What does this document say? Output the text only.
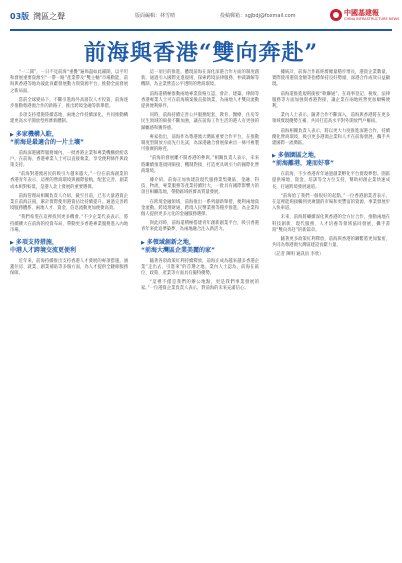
03版 灣區之聲	版面編輯：林雪晴	投稿郵箱：sgjbdj@foxmail.com	中國基建報
CHINA INFRASTRUCTURE NEWS
前海與香港“雙向奔赴”

“一二開”，一日不見前海“重疊”遍佈盡如此鋪開，以平坦和發展重要資源至“一帶一路”產業帶及“雙主軸”市場動能，前海與香港等地為彼此貢獻發展動力與資源平台，推動全面發展之新局面。

當前全球變局下，不斷引進海外高層次人才投資，前海逐步推動粵港澳合作的新路子，推出跨境金融等新舉措。

多項支持措施陸續落地，兩地合作持續深化，共同推動構建更高水平開放型經濟新體制。

▶ 多家機構入駐，
“前海是最適合的一片土壤”

前海深港國際服務城內，一批香港企業和專業機構紛紛落戶。在前海，香港專業人士可以直接執業，享受便利條件與政策支持。

“前海對港澳居民的吸引力越來越大。”一位在前海創業的香港青年表示，這裡的營商環境與國際接軌，配套完善，創業成本相對較低，是港人北上發展的重要選擇。

前海管理局相關負責人介紹，截至目前，已有大量港資企業在前海註冊，累計實際使用港資佔比持續提升。通過完善跨境服務體系，兩地人才、資金、信息流動更加便捷高效。

“我們希望在這裡找到更多機會。”不少企業代表表示，將持續擴大在前海的投資布局，帶動更多香港專業服務進入內地市場。

▶ 多項支持措施，
中港人才跨境交流更便利

近年來，前海持續推出支持香港人才發展的專項措施，涵蓋住房、就業、創業補貼等多個方面，為人才提供全鏈條服務保障。

這一項目的推進，體現前海在深化深港合作方面的制度創新。通過引入國際先進規則，探索跨境法律服務、仲裁調解等機制，為企業營造公平透明的營商環境。

前海還積極推動兩地專業資格互認，會計、建築、律師等香港專業人士可在前海備案後直接執業，為兩地人才雙向流動提供便利條件。

同時，前海持續完善公共服務配套，教育、醫療、住房等民生領域的銜接不斷加強，讓在前海工作生活的港人有更強的歸屬感和獲得感。

專家指出，前海作為粵港澳大灣區重要合作平台，在推動制度型開放方面先行先試，為深港融合發展探索出一條可複製可推廣的路徑。

“前海的發展離不開香港的參與。”相關負責人表示，未來將繼續推進規則銜接、機制對接，打造更具吸引力的國際化營商環境。

據介紹，前海正加快建設現代服務業集聚區，金融、科技、物流、專業服務等產業持續壯大，一批具有國際影響力的項目相繼落地，帶動區域經濟高質量發展。

在跨境金融領域，前海推出一系列創新舉措，便利兩地資金流動。跨境理財通、跨境人民幣業務等穩步推進，為企業和個人提供更多元化的金融服務選擇。

與此同時，前海還積極搭建青年創新創業平台，吸引香港青年來此追夢築夢，為兩地融合注入新活力。

▶ 多領域創新之地，
“前海大灣區企業美麗的家”

隨著各項政策紅利持續釋放，前海正成為越來越多香港企業“走出去、引進來”的首選之地。業內人士認為，前海在區位、政策、產業等方面具有獨特優勢。

“這裡不僅是我們的辦公地點，更是我們事業發展的家。”一位港資企業負責人表示，對前海的未來充滿信心。

據統計，前海合作區經濟總量穩步增長，港資企業數量、實際使用港資金額等指標保持良好勢頭，深港合作成效日益顯現。

前海還推進規則銜接“軟聯通”，在商事登記、稅收、法律服務等方面加強與香港對接，讓企業在兩地經營更加順暢便利。

業內人士表示，隨著合作不斷深入，前海與香港將在更多領域實現優勢互補，共同打造高水平對外開放門戶樞紐。

前海相關負責人表示，將以更大力度推進深港合作，持續優化營商環境，吸引更多港澳企業和人才在前海發展，攜手共建國際一流灣區。

▶ 多個園區之地，
“前海離港，達而好事”

在前海，不少香港青年通過創業孵化平台實現夢想。園區提供場地、資金、培訓等全方位支持，幫助初創企業快速成長，打通跨境發展通道。

“前海給了我們一個很好的起點。”一位香港創業者表示，在這裡能夠接觸到更廣闊的市場和更豐富的資源，事業發展步入快車道。

未來，前海將繼續深化與香港的全方位合作，推動兩地在科技創新、現代服務、人才培養等領域協同發展，攜手書寫“雙向奔赴”的新篇章。

隨著更多政策紅利釋放，前海與香港的聯繫將更加緊密，共同為粵港澳大灣區建設貢獻力量。

（記者 陳明 通訊員 李欣）
